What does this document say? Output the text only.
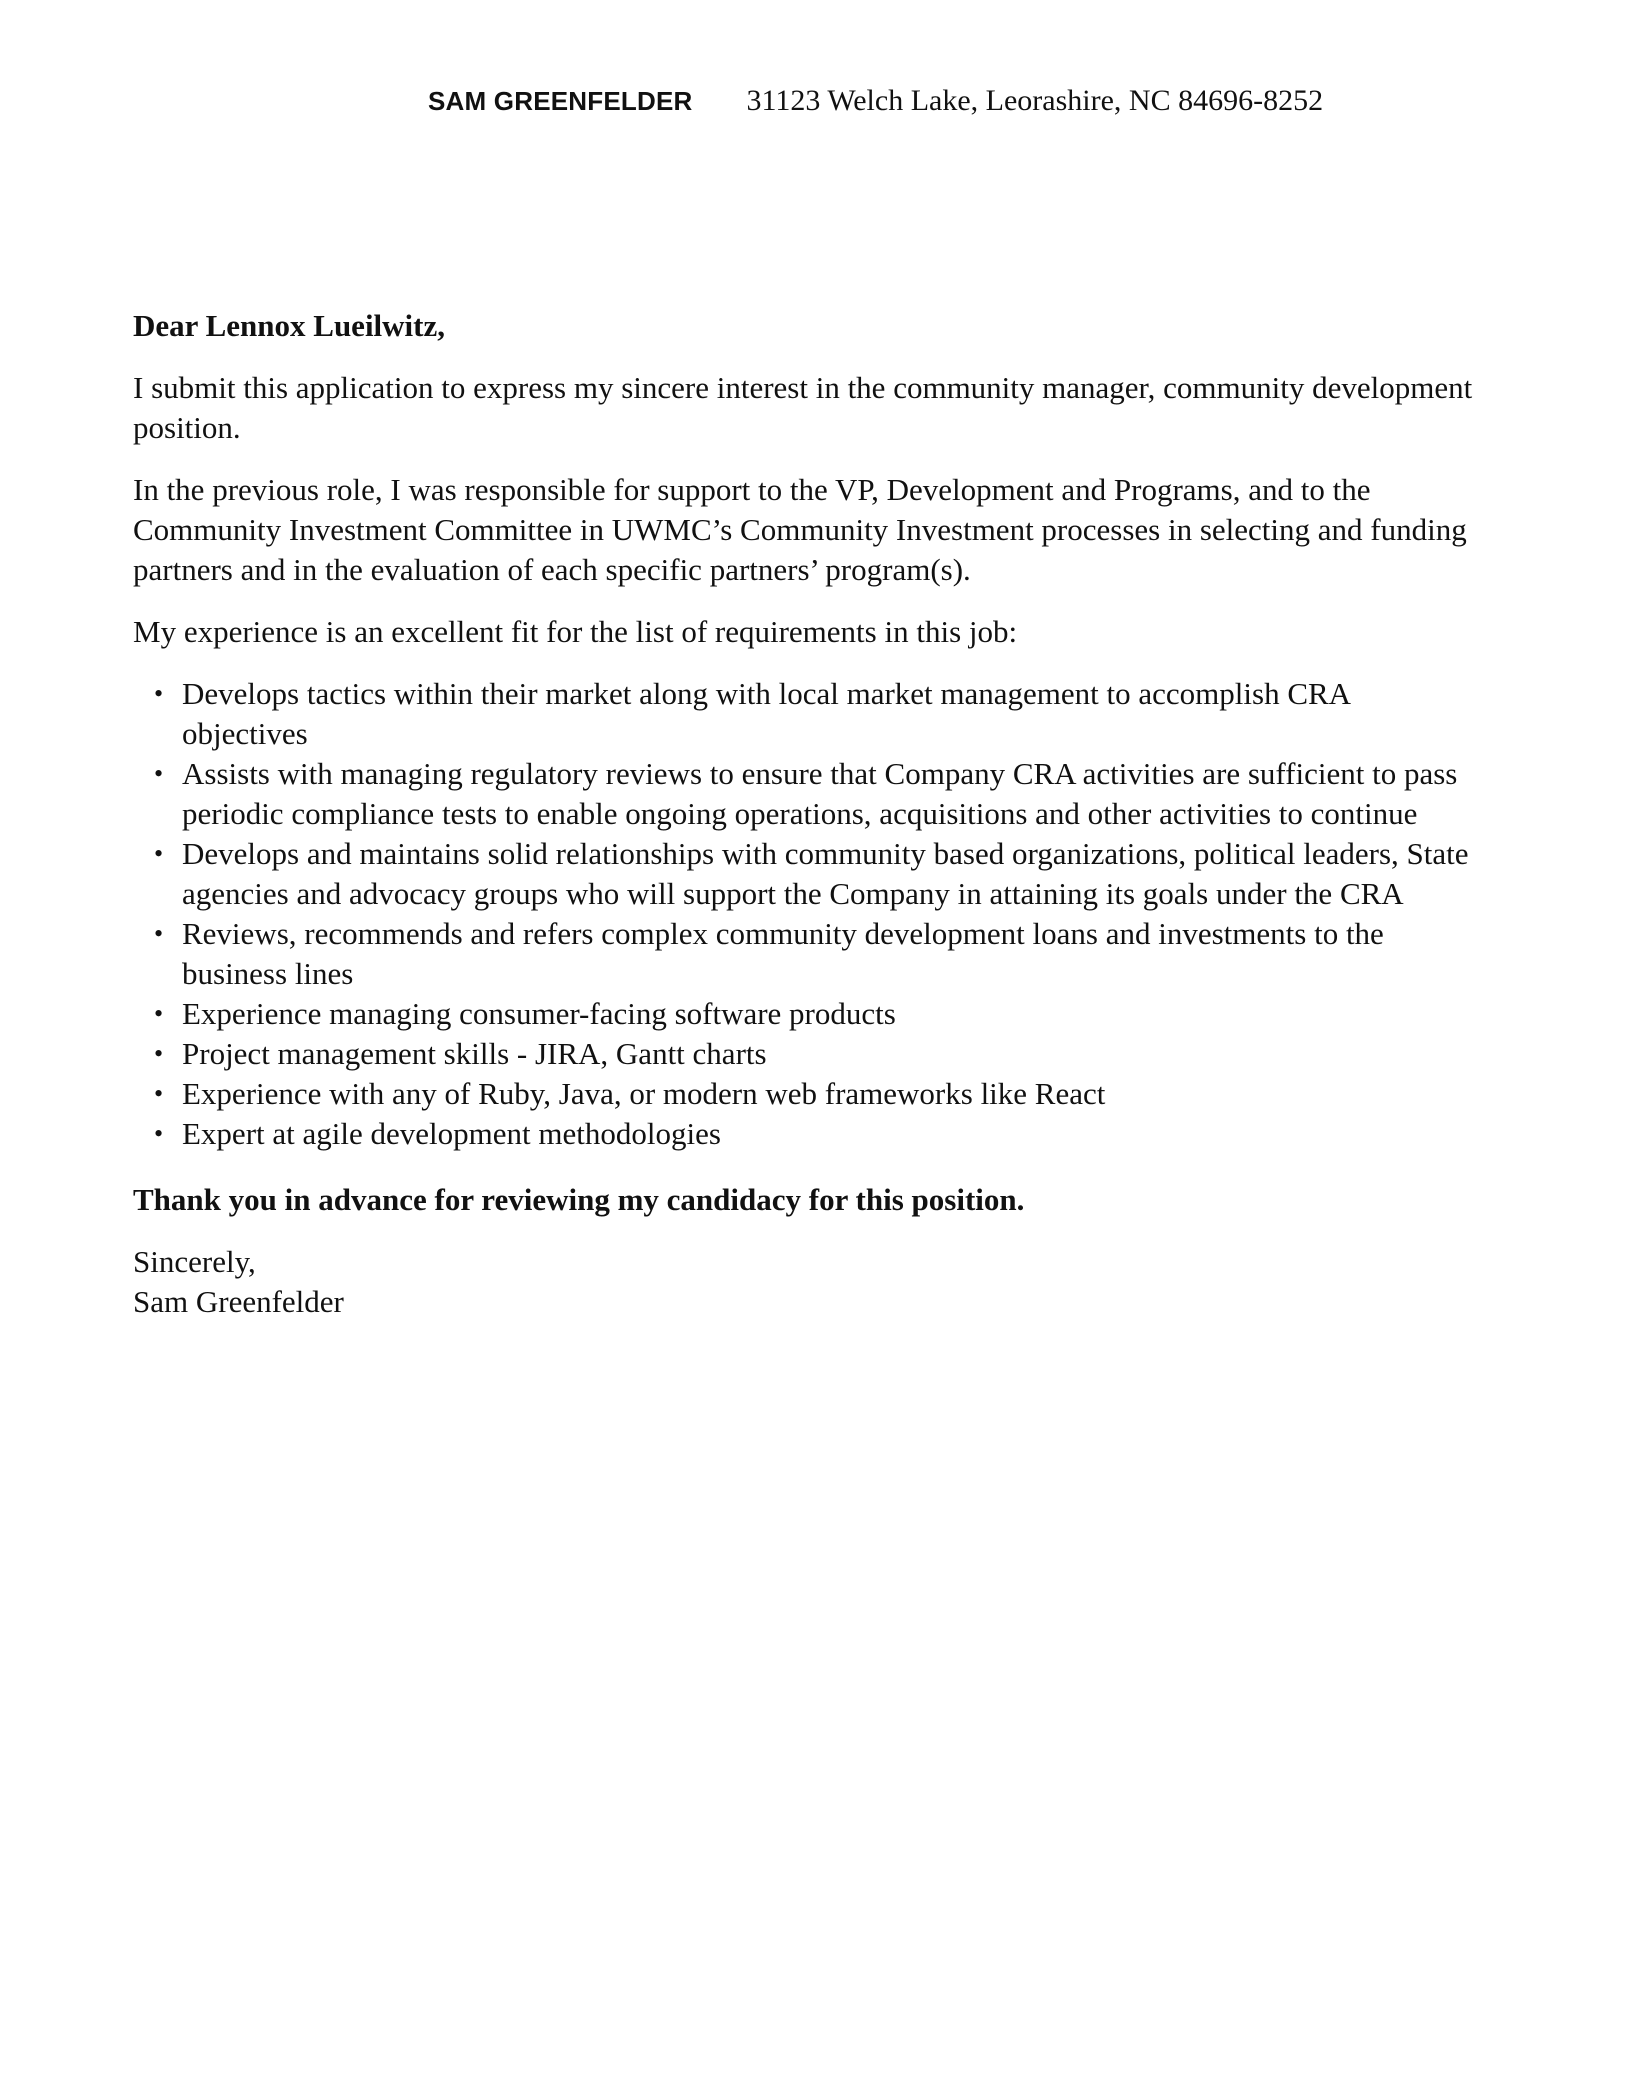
SAM GREENFELDER 31123 Welch Lake, Leorashire, NC 84696-8252

Dear Lennox Lueilwitz,

I submit this application to express my sincere interest in the community manager, community development position.

In the previous role, I was responsible for support to the VP, Development and Programs, and to the Community Investment Committee in UWMC’s Community Investment processes in selecting and funding partners and in the evaluation of each specific partners’ program(s).

My experience is an excellent fit for the list of requirements in this job:

• Develops tactics within their market along with local market management to accomplish CRA objectives
• Assists with managing regulatory reviews to ensure that Company CRA activities are sufficient to pass periodic compliance tests to enable ongoing operations, acquisitions and other activities to continue
• Develops and maintains solid relationships with community based organizations, political leaders, State agencies and advocacy groups who will support the Company in attaining its goals under the CRA
• Reviews, recommends and refers complex community development loans and investments to the business lines
• Experience managing consumer-facing software products
• Project management skills - JIRA, Gantt charts
• Experience with any of Ruby, Java, or modern web frameworks like React
• Expert at agile development methodologies

Thank you in advance for reviewing my candidacy for this position.

Sincerely,

Sam Greenfelder
